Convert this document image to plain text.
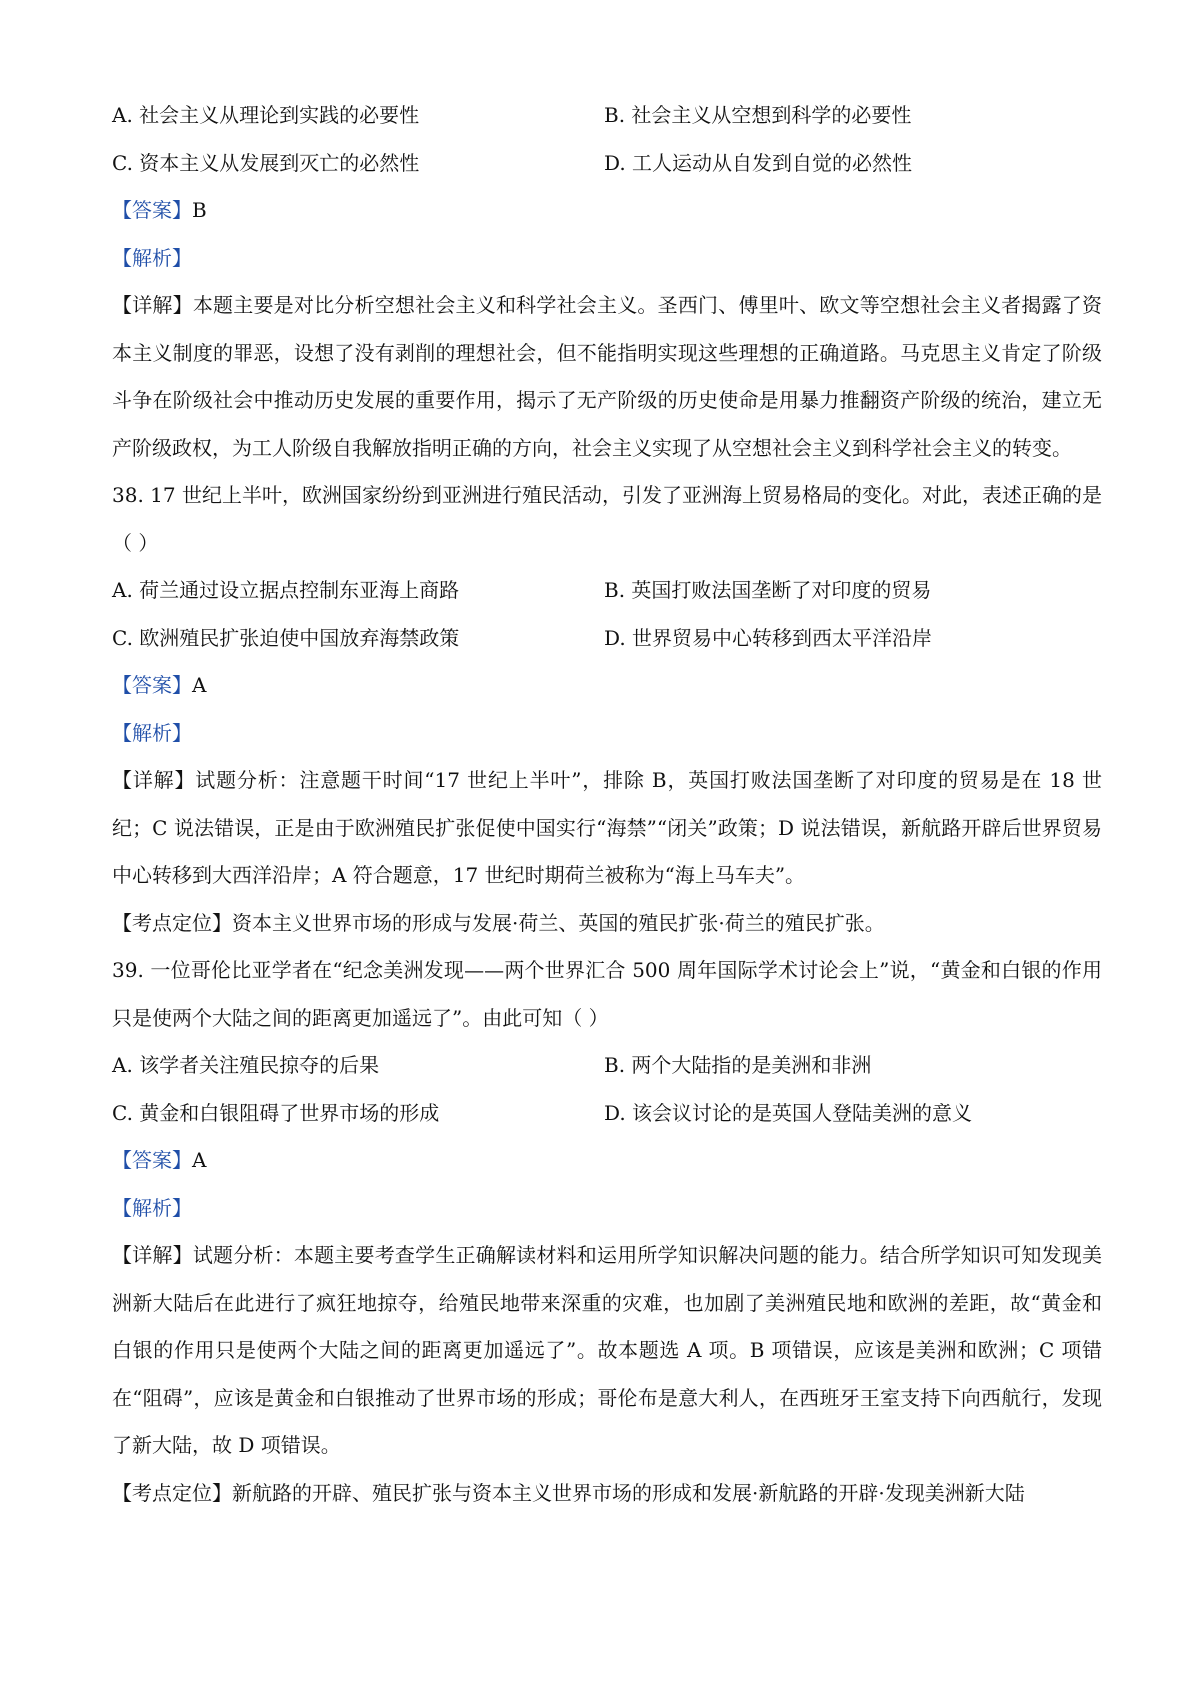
A. 社会主义从理论到实践的必要性	B. 社会主义从空想到科学的必要性
C. 资本主义从发展到灭亡的必然性	D. 工人运动从自发到自觉的必然性
【答案】B
【解析】
【详解】本题主要是对比分析空想社会主义和科学社会主义。圣西门、傅里叶、欧文等空想社会主义者揭露了资本主义制度的罪恶，设想了没有剥削的理想社会，但不能指明实现这些理想的正确道路。马克思主义肯定了阶级斗争在阶级社会中推动历史发展的重要作用，揭示了无产阶级的历史使命是用暴力推翻资产阶级的统治，建立无产阶级政权，为工人阶级自我解放指明正确的方向，社会主义实现了从空想社会主义到科学社会主义的转变。
38. 17 世纪上半叶，欧洲国家纷纷到亚洲进行殖民活动，引发了亚洲海上贸易格局的变化。对此，表述正确的是（ ）
A. 荷兰通过设立据点控制东亚海上商路	B. 英国打败法国垄断了对印度的贸易
C. 欧洲殖民扩张迫使中国放弃海禁政策	D. 世界贸易中心转移到西太平洋沿岸
【答案】A
【解析】
【详解】试题分析：注意题干时间“17 世纪上半叶”，排除 B，英国打败法国垄断了对印度的贸易是在 18 世纪；C 说法错误，正是由于欧洲殖民扩张促使中国实行“海禁”“闭关”政策；D 说法错误，新航路开辟后世界贸易中心转移到大西洋沿岸；A 符合题意，17 世纪时期荷兰被称为“海上马车夫”。
【考点定位】资本主义世界市场的形成与发展·荷兰、英国的殖民扩张·荷兰的殖民扩张。
39. 一位哥伦比亚学者在“纪念美洲发现——两个世界汇合 500 周年国际学术讨论会上”说，“黄金和白银的作用只是使两个大陆之间的距离更加遥远了”。由此可知（ ）
A. 该学者关注殖民掠夺的后果	B. 两个大陆指的是美洲和非洲
C. 黄金和白银阻碍了世界市场的形成	D. 该会议讨论的是英国人登陆美洲的意义
【答案】A
【解析】
【详解】试题分析：本题主要考查学生正确解读材料和运用所学知识解决问题的能力。结合所学知识可知发现美洲新大陆后在此进行了疯狂地掠夺，给殖民地带来深重的灾难，也加剧了美洲殖民地和欧洲的差距，故“黄金和白银的作用只是使两个大陆之间的距离更加遥远了”。故本题选 A 项。B 项错误，应该是美洲和欧洲；C 项错在“阻碍”，应该是黄金和白银推动了世界市场的形成；哥伦布是意大利人，在西班牙王室支持下向西航行，发现了新大陆，故 D 项错误。
【考点定位】新航路的开辟、殖民扩张与资本主义世界市场的形成和发展·新航路的开辟·发现美洲新大陆
